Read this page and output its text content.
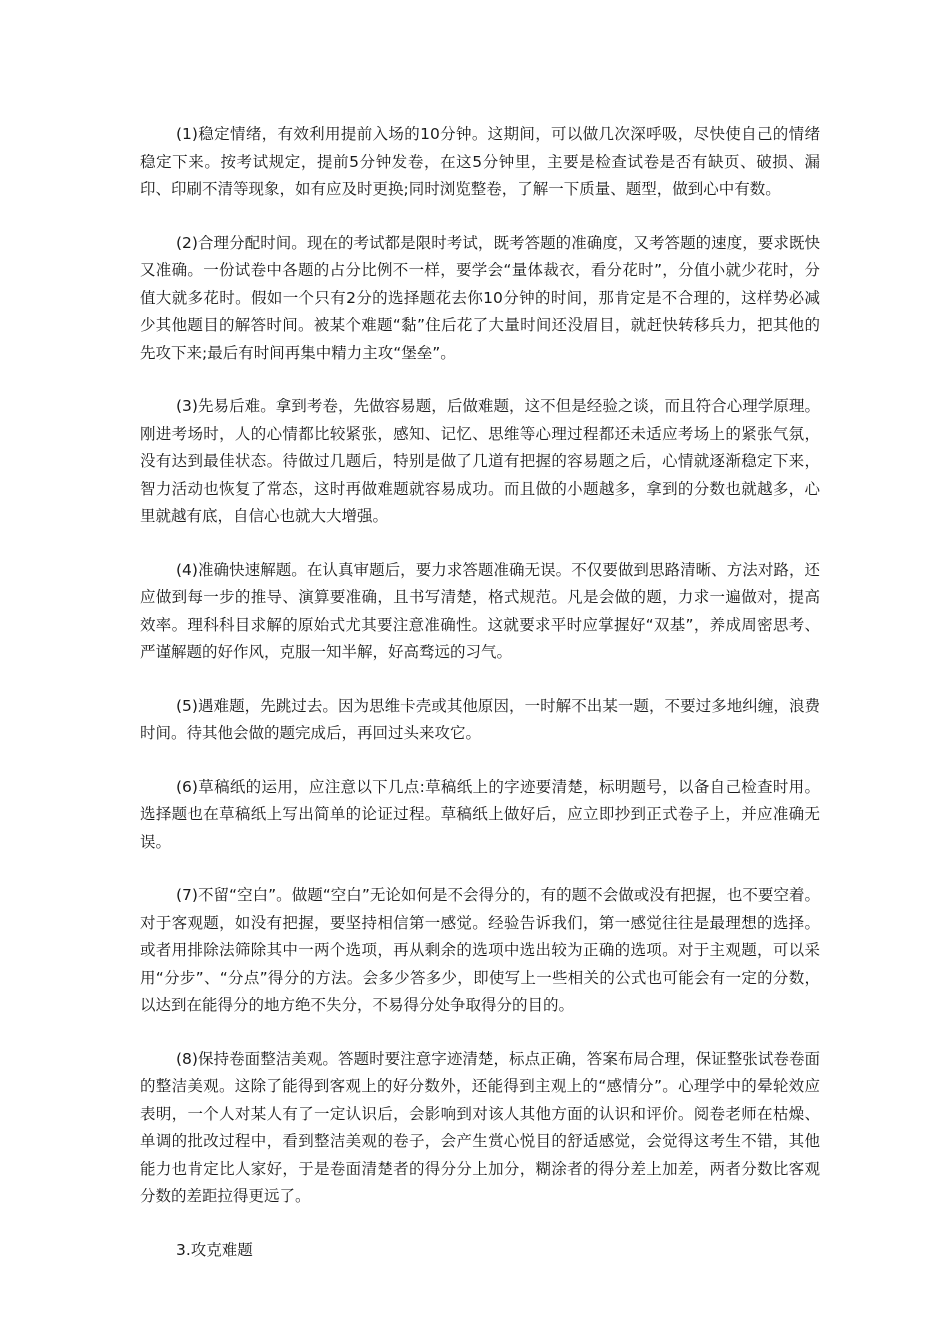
(1)稳定情绪，有效利用提前入场的10分钟。这期间，可以做几次深呼吸，尽快使自己的情绪稳定下来。按考试规定，提前5分钟发卷，在这5分钟里，主要是检查试卷是否有缺页、破损、漏印、印刷不清等现象，如有应及时更换;同时浏览整卷，了解一下质量、题型，做到心中有数。

(2)合理分配时间。现在的考试都是限时考试，既考答题的准确度，又考答题的速度，要求既快又准确。一份试卷中各题的占分比例不一样，要学会“量体裁衣，看分花时”，分值小就少花时，分值大就多花时。假如一个只有2分的选择题花去你10分钟的时间，那肯定是不合理的，这样势必减少其他题目的解答时间。被某个难题“黏”住后花了大量时间还没眉目，就赶快转移兵力，把其他的先攻下来;最后有时间再集中精力主攻“堡垒”。

(3)先易后难。拿到考卷，先做容易题，后做难题，这不但是经验之谈，而且符合心理学原理。刚进考场时，人的心情都比较紧张，感知、记忆、思维等心理过程都还未适应考场上的紧张气氛，没有达到最佳状态。待做过几题后，特别是做了几道有把握的容易题之后，心情就逐渐稳定下来，智力活动也恢复了常态，这时再做难题就容易成功。而且做的小题越多，拿到的分数也就越多，心里就越有底，自信心也就大大增强。

(4)准确快速解题。在认真审题后，要力求答题准确无误。不仅要做到思路清晰、方法对路，还应做到每一步的推导、演算要准确，且书写清楚，格式规范。凡是会做的题，力求一遍做对，提高效率。理科科目求解的原始式尤其要注意准确性。这就要求平时应掌握好“双基”，养成周密思考、严谨解题的好作风，克服一知半解，好高骛远的习气。

(5)遇难题，先跳过去。因为思维卡壳或其他原因，一时解不出某一题，不要过多地纠缠，浪费时间。待其他会做的题完成后，再回过头来攻它。

(6)草稿纸的运用，应注意以下几点:草稿纸上的字迹要清楚，标明题号，以备自己检查时用。选择题也在草稿纸上写出简单的论证过程。草稿纸上做好后，应立即抄到正式卷子上，并应准确无误。

(7)不留“空白”。做题“空白”无论如何是不会得分的，有的题不会做或没有把握，也不要空着。对于客观题，如没有把握，要坚持相信第一感觉。经验告诉我们，第一感觉往往是最理想的选择。或者用排除法筛除其中一两个选项，再从剩余的选项中选出较为正确的选项。对于主观题，可以采用“分步”、“分点”得分的方法。会多少答多少，即使写上一些相关的公式也可能会有一定的分数，以达到在能得分的地方绝不失分，不易得分处争取得分的目的。

(8)保持卷面整洁美观。答题时要注意字迹清楚，标点正确，答案布局合理，保证整张试卷卷面的整洁美观。这除了能得到客观上的好分数外，还能得到主观上的“感情分”。心理学中的晕轮效应表明，一个人对某人有了一定认识后，会影响到对该人其他方面的认识和评价。阅卷老师在枯燥、单调的批改过程中，看到整洁美观的卷子，会产生赏心悦目的舒适感觉，会觉得这考生不错，其他能力也肯定比人家好，于是卷面清楚者的得分分上加分，糊涂者的得分差上加差，两者分数比客观分数的差距拉得更远了。

3.攻克难题
